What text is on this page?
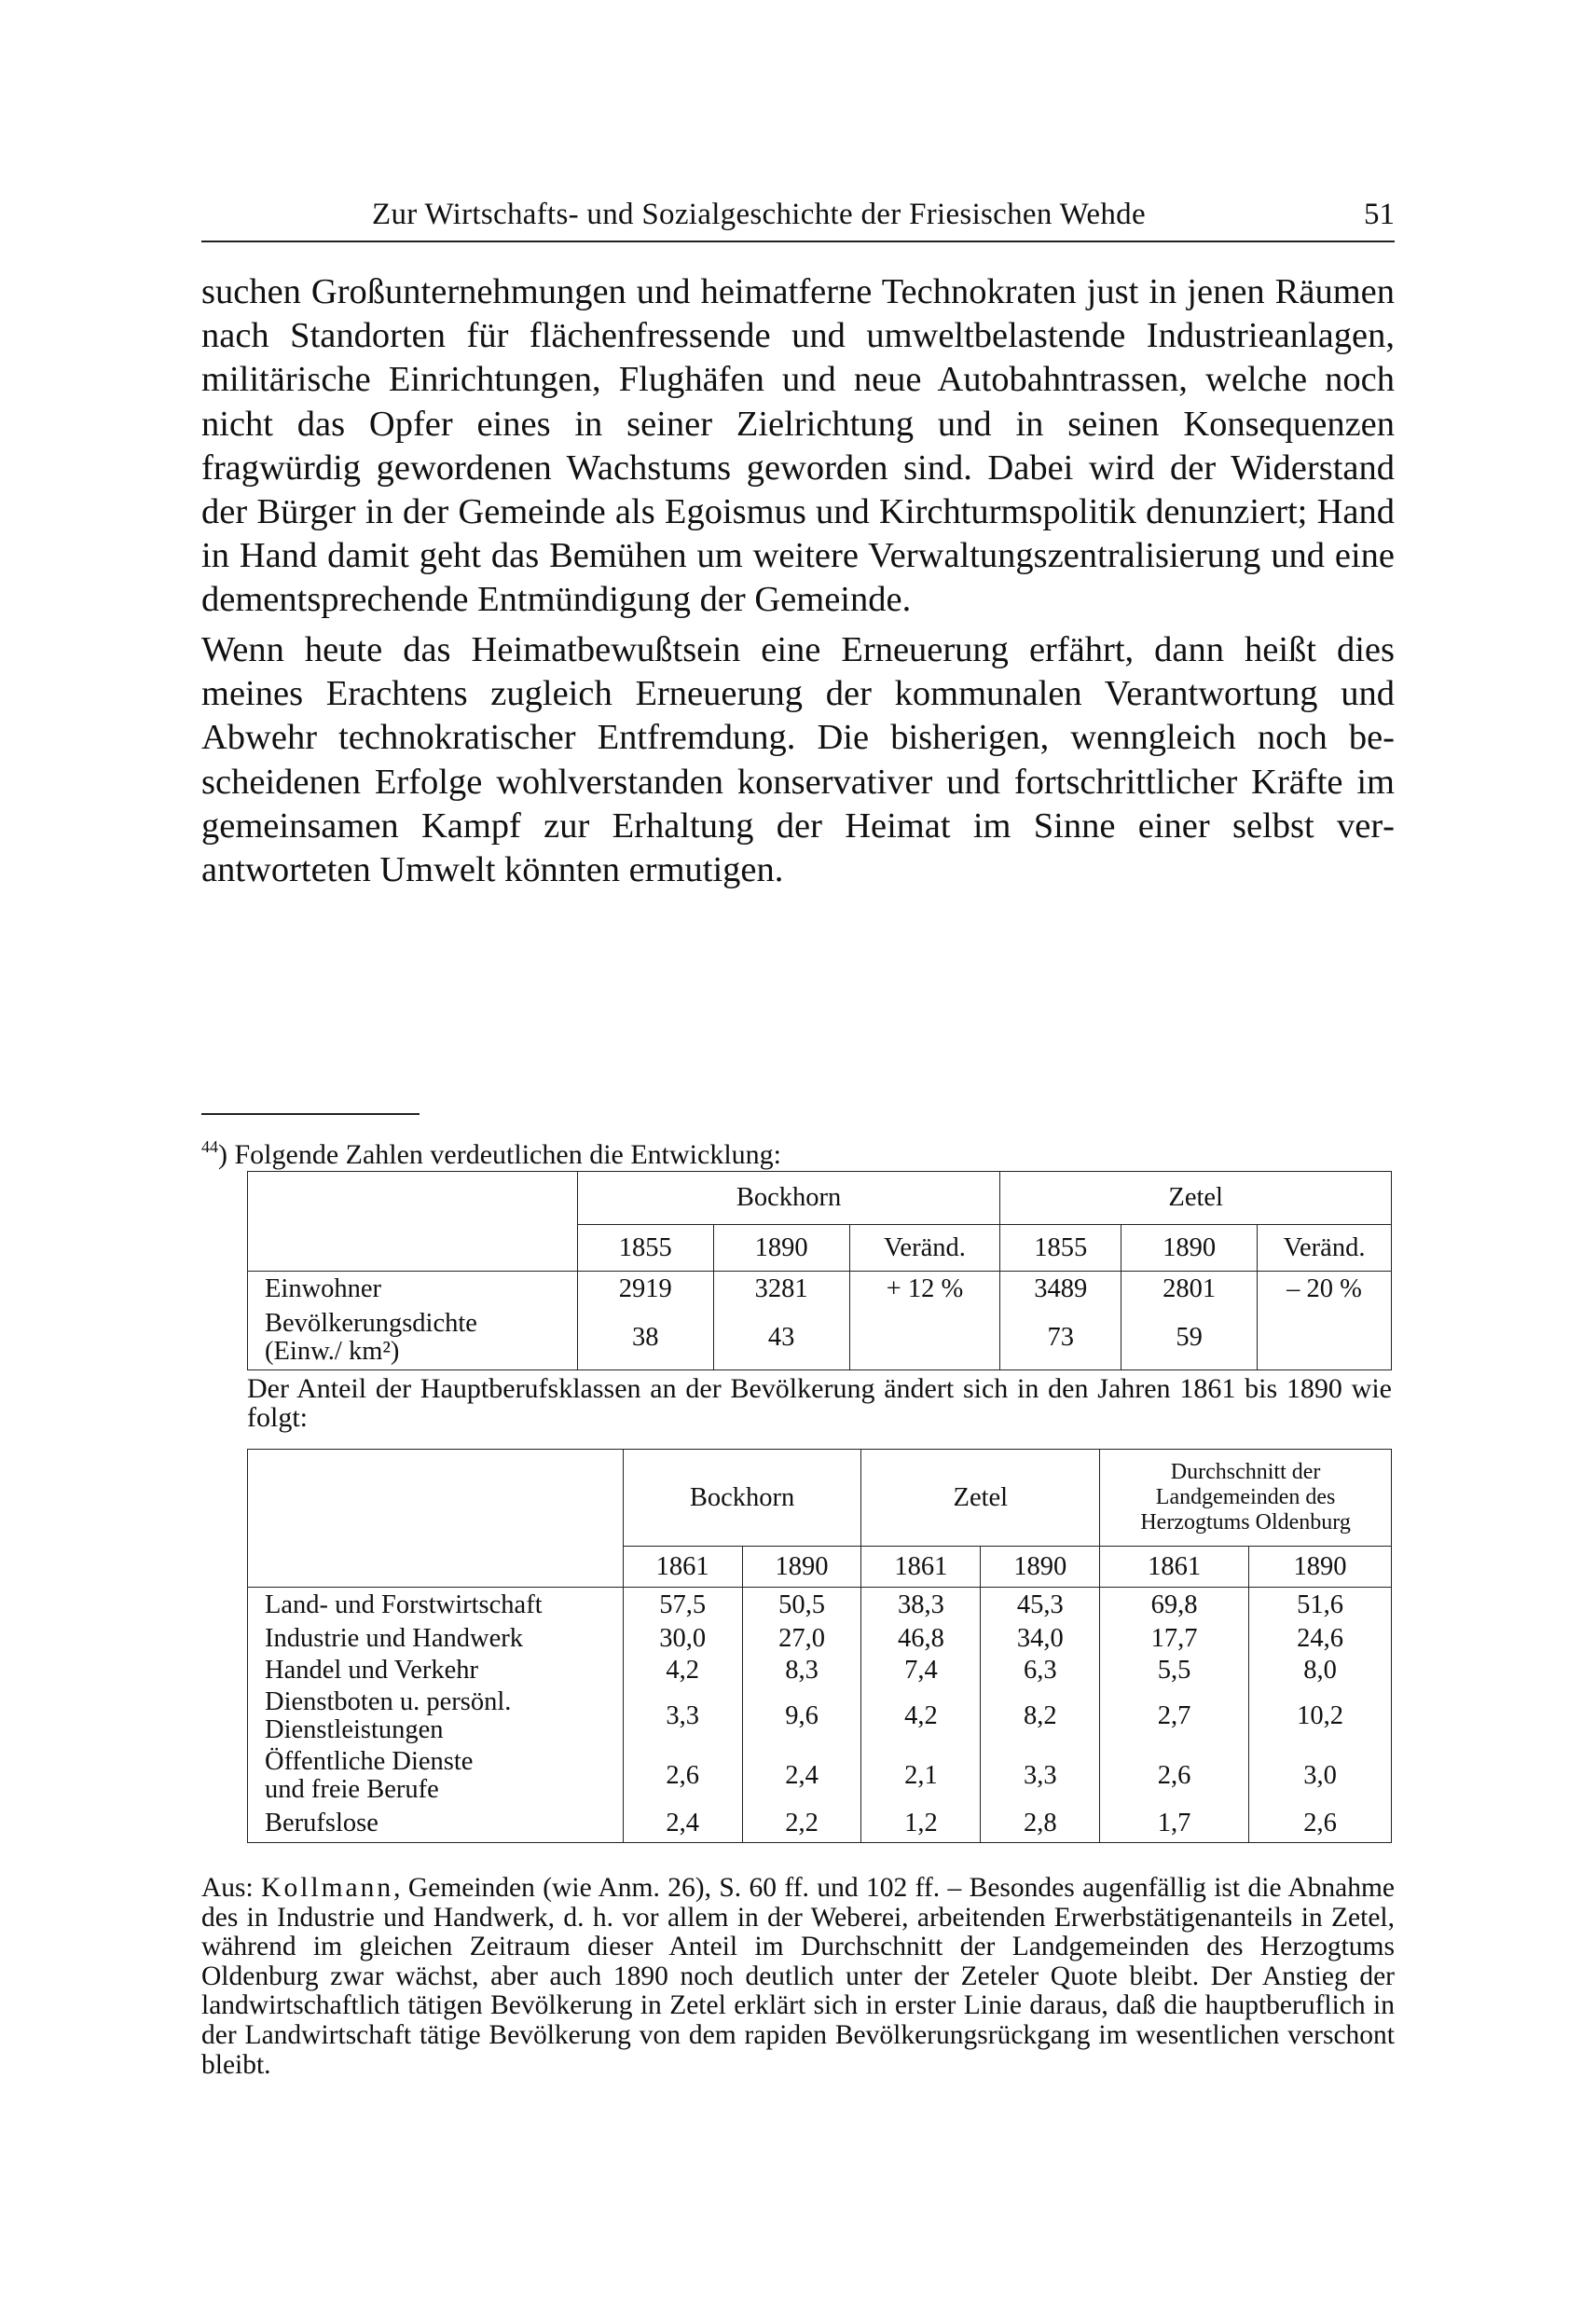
Zur Wirtschafts- und Sozialgeschichte der Friesischen Wehde	51

suchen Großunternehmungen und heimatferne Technokraten just in jenen Räumen nach Standorten für flächenfressende und umweltbelastende Industrieanlagen, militärische Einrichtungen, Flughäfen und neue Autobahntrassen, welche noch nicht das Opfer eines in seiner Zielrichtung und in seinen Konsequenzen fragwürdig gewordenen Wachstums geworden sind. Dabei wird der Widerstand der Bürger in der Gemeinde als Egoismus und Kirchturmspolitik denunziert; Hand in Hand damit geht das Bemühen um weitere Verwaltungszentralisierung und eine dementsprechende Entmündigung der Gemeinde.

Wenn heute das Heimatbewußtsein eine Erneuerung erfährt, dann heißt dies meines Erachtens zugleich Erneuerung der kommunalen Verantwortung und Abwehr technokratischer Entfremdung. Die bisherigen, wenngleich noch bescheidenen Erfolge wohlverstanden konservativer und fortschrittlicher Kräfte im gemeinsamen Kampf zur Erhaltung der Heimat im Sinne einer selbst verantworteten Umwelt könnten ermutigen.

$^{44}$) Folgende Zahlen verdeutlichen die Entwicklung:
	Bockhorn			Zetel		
	1855	1890	Veränd.	1855	1890	Veränd.
Einwohner	2919	3281	+ 12 %	3489	2801	– 20 %

Bevölkerungsdichte
(Einw./ km²)	38	43		73	59	

Der Anteil der Hauptberufsklassen an der Bevölkerung ändert sich in den Jahren 1861 bis 1890 wie folgt:

	Bockhorn		Zetel		Durchschnitt der
Landgemeinden des
Herzogtums Oldenburg	

	1861	1890	1861	1890	1861	1890
Land- und Forstwirtschaft	57,5	50,5	38,3	45,3	69,8	51,6
Industrie und Handwerk	30,0	27,0	46,8	34,0	17,7	24,6
Handel und Verkehr	4,2	8,3	7,4	6,3	5,5	8,0

Dienstboten u. persönl.
Dienstleistungen	3,3	9,6	4,2	8,2	2,7	10,2

Öffentliche Dienste
und freie Berufe	2,6	2,4	2,1	3,3	2,6	3,0
Berufslose	2,4	2,2	1,2	2,8	1,7	2,6

Aus: Kollmann, Gemeinden (wie Anm. 26), S. 60 ff. und 102 ff. – Besondes augenfällig ist die Abnahme des in Industrie und Handwerk, d. h. vor allem in der Weberei, arbeitenden Erwerbstätigenanteils in Zetel, während im gleichen Zeitraum dieser Anteil im Durchschnitt der Landgemeinden des Herzogtums Oldenburg zwar wächst, aber auch 1890 noch deutlich unter der Zeteler Quote bleibt. Der Anstieg der landwirtschaftlich tätigen Bevölkerung in Zetel erklärt sich in erster Linie daraus, daß die hauptberuflich in der Landwirtschaft tätige Bevölkerung von dem rapiden Bevölkerungsrückgang im wesentlichen verschont bleibt.
